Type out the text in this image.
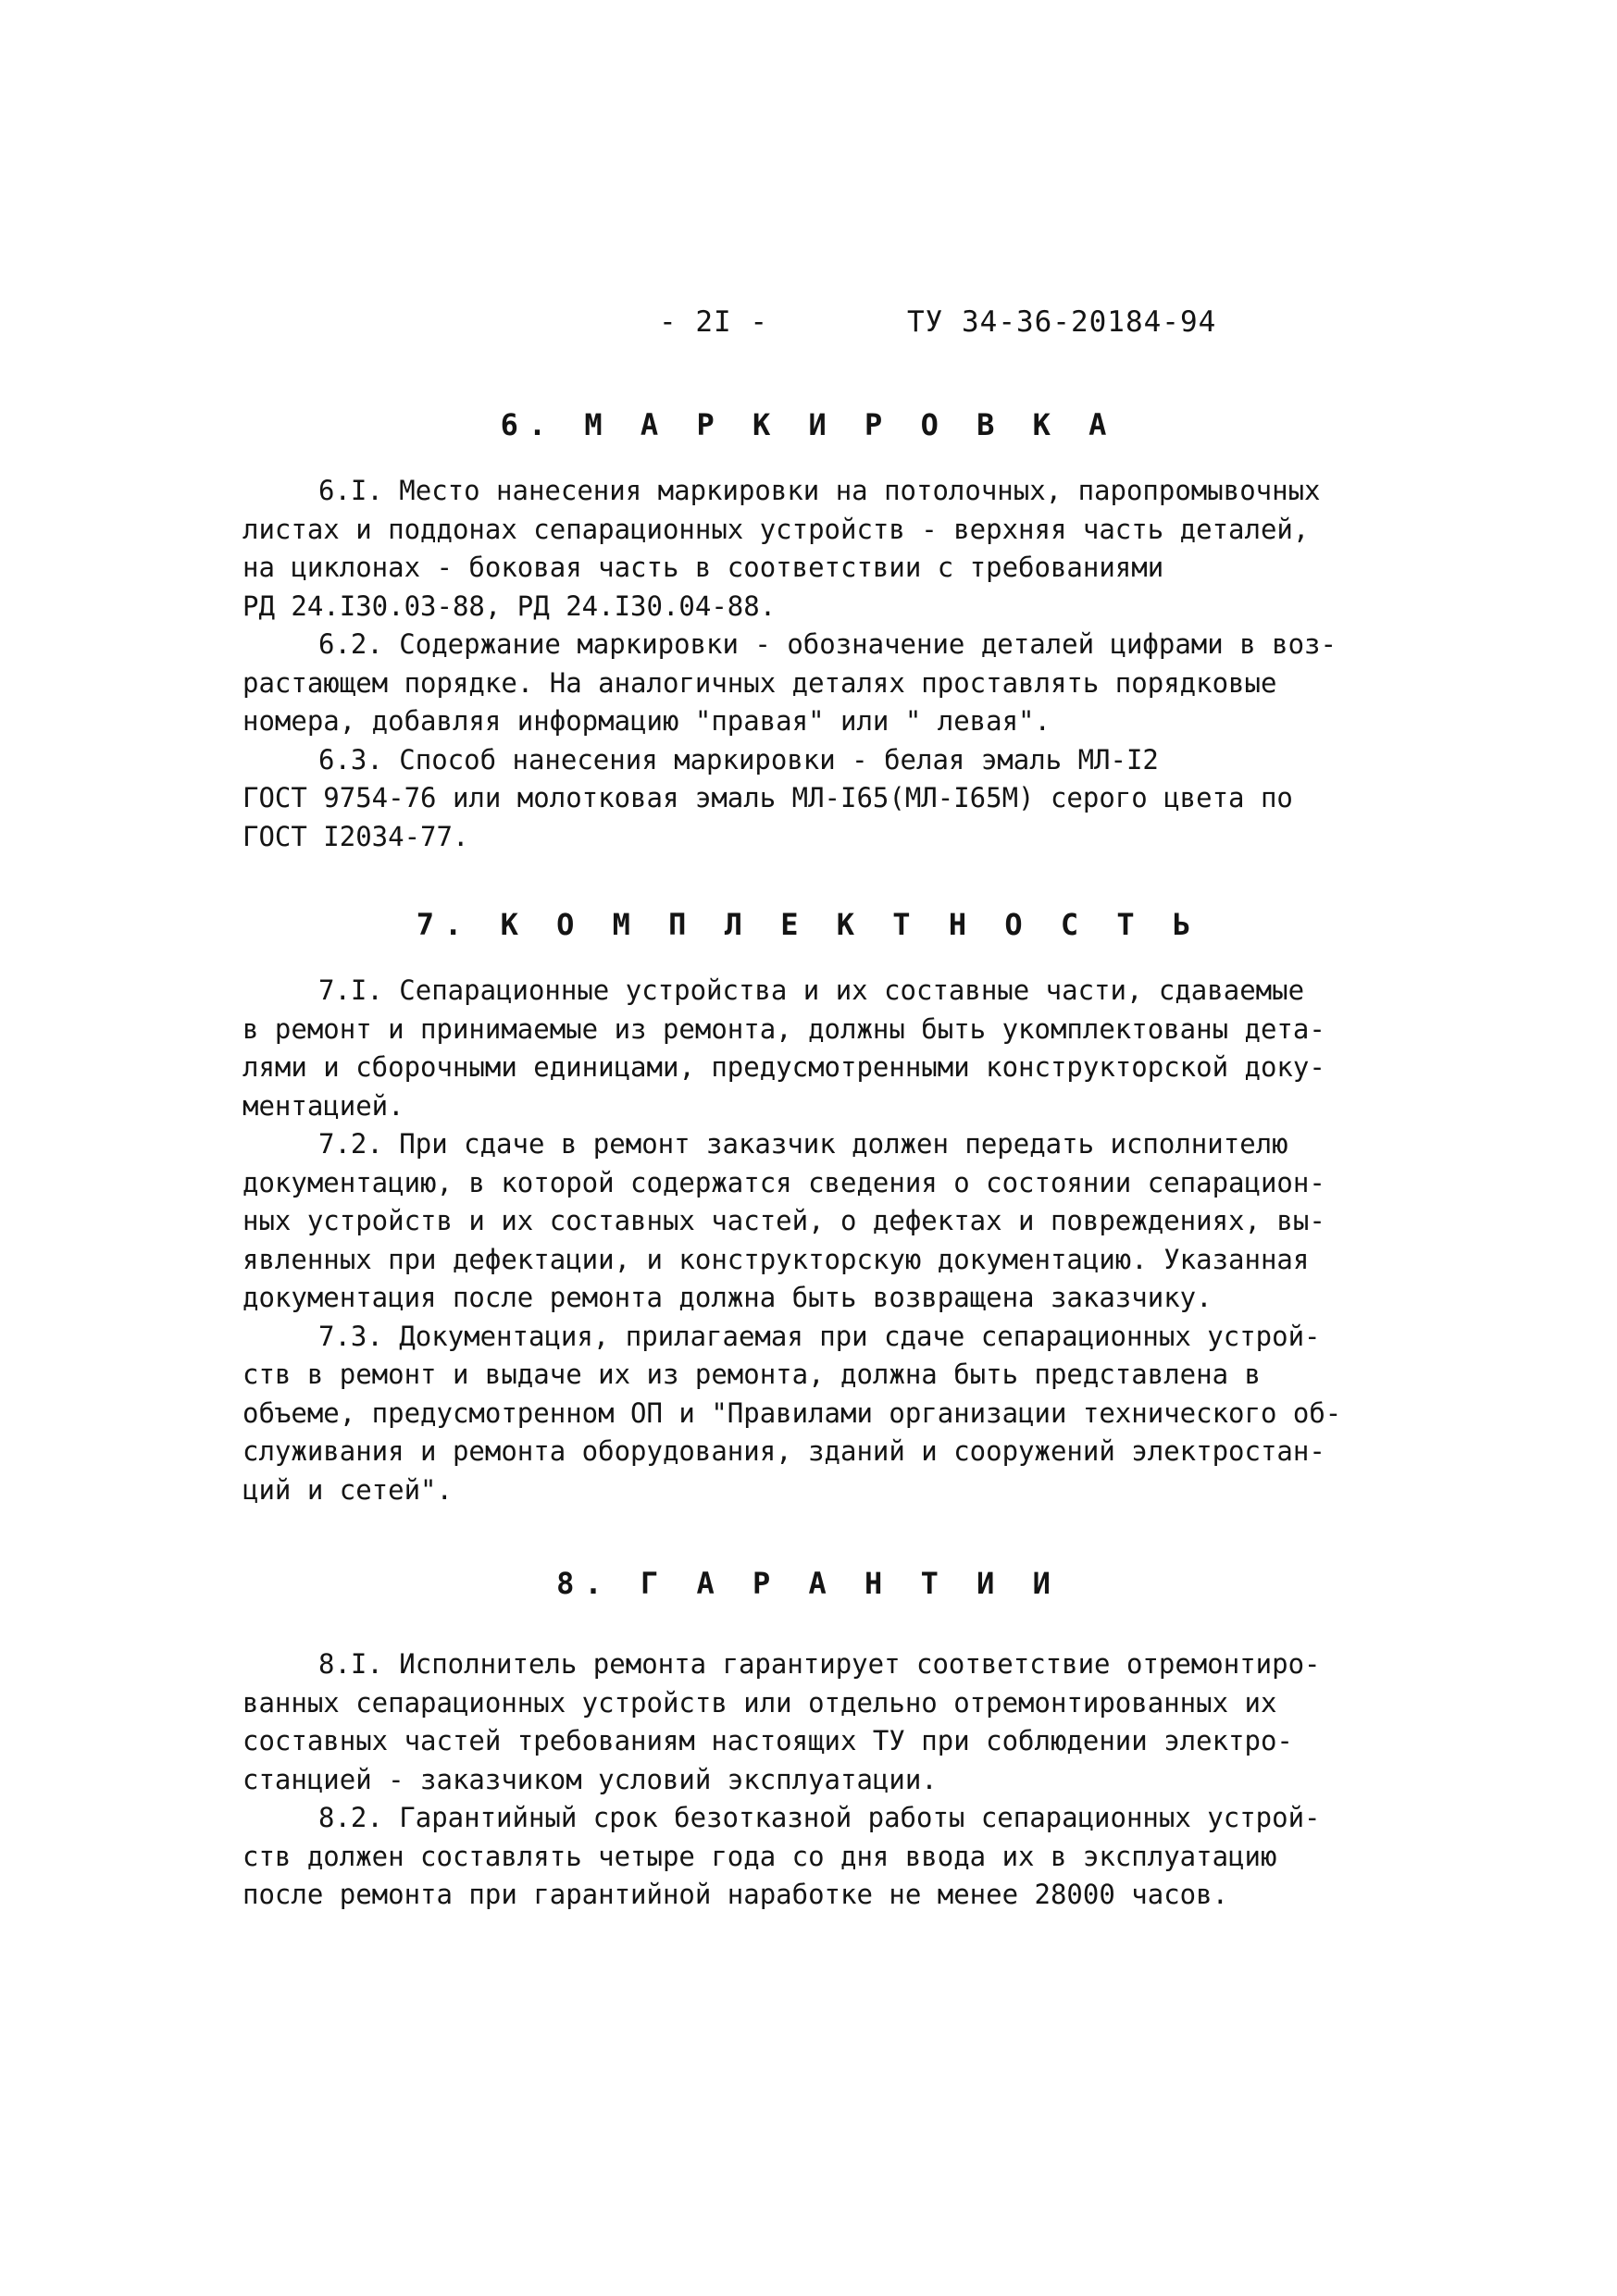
- 2I -	ТУ 34-36-20184-94
6. М А Р К И Р О В К А

6.I. Место нанесения маркировки на потолочных, паропромывочных

листах и поддонах сепарационных устройств - верхняя часть деталей,

на циклонах - боковая часть в соответствии с требованиями

РД 24.I30.03-88, РД 24.I30.04-88.

6.2. Содержание маркировки - обозначение деталей цифрами в воз-

растающем порядке. На аналогичных деталях проставлять порядковые

номера, добавляя информацию "правая" или " левая".

6.3. Способ нанесения маркировки - белая эмаль МЛ-I2

ГОСТ 9754-76 или молотковая эмаль МЛ-I65(МЛ-I65М) серого цвета по

ГОСТ I2034-77.

7. К О М П Л Е К Т Н О С Т Ь

7.I. Сепарационные устройства и их составные части, сдаваемые

в ремонт и принимаемые из ремонта, должны быть укомплектованы дета-

лями и сборочными единицами, предусмотренными конструкторской доку-

ментацией.

7.2. При сдаче в ремонт заказчик должен передать исполнителю

документацию, в которой содержатся сведения о состоянии сепарацион-

ных устройств и их составных частей, о дефектах и повреждениях, вы-

явленных при дефектации, и конструкторскую документацию. Указанная

документация после ремонта должна быть возвращена заказчику.

7.3. Документация, прилагаемая при сдаче сепарационных устрой-

ств в ремонт и выдаче их из ремонта, должна быть представлена в

объеме, предусмотренном ОП и "Правилами организации технического об-

служивания и ремонта оборудования, зданий и сооружений электростан-

ций и сетей".

8. Г А Р А Н Т И И

8.I. Исполнитель ремонта гарантирует соответствие отремонтиро-

ванных сепарационных устройств или отдельно отремонтированных их

составных частей требованиям настоящих ТУ при соблюдении электро-

станцией - заказчиком условий эксплуатации.

8.2. Гарантийный срок безотказной работы сепарационных устрой-

ств должен составлять четыре года со дня ввода их в эксплуатацию

после ремонта при гарантийной наработке не менее 28000 часов.
